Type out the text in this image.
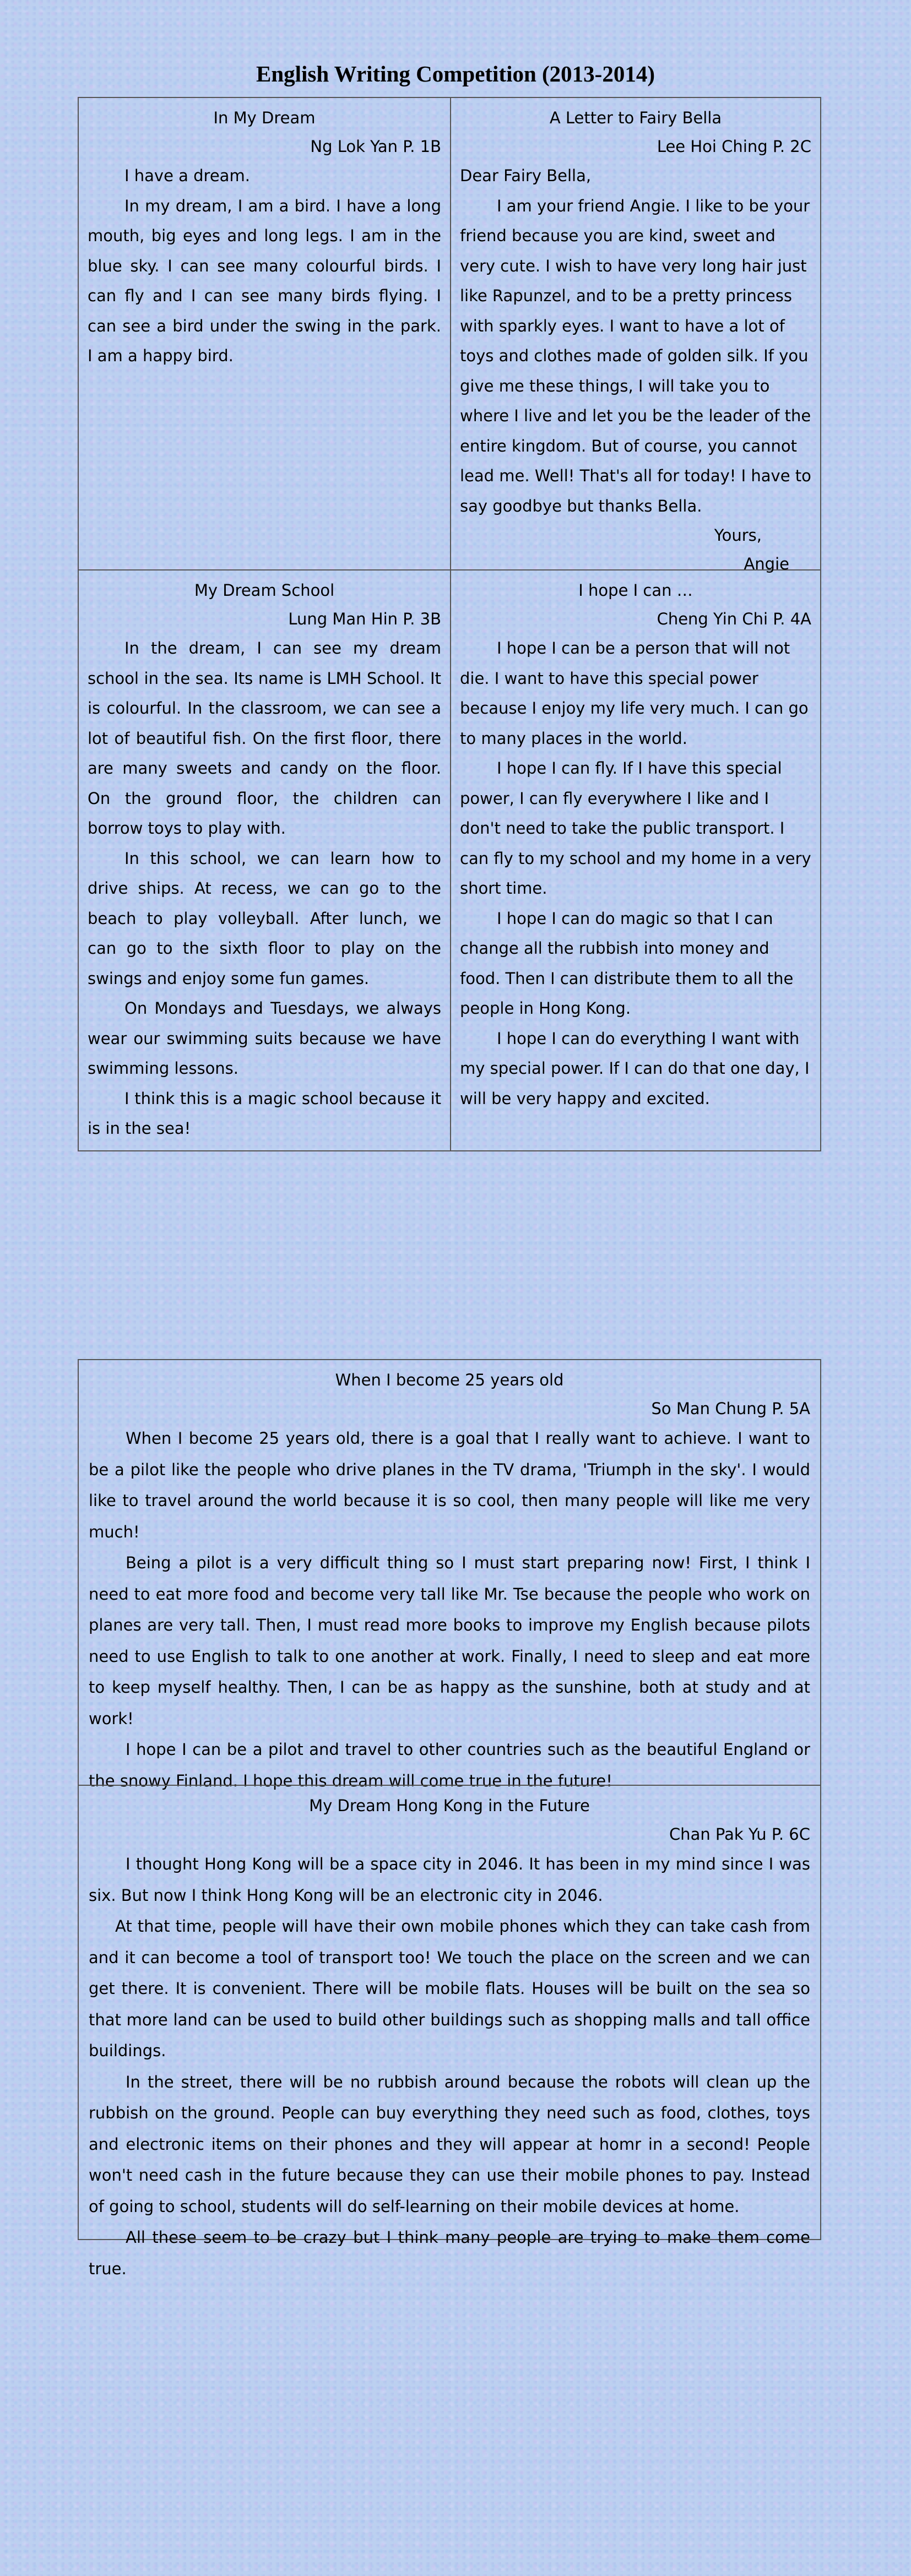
English Writing Competition (2013-2014)
In My Dream
Ng Lok Yan P. 1B

I have a dream.

In my dream, I am a bird. I have a long mouth, big eyes and long legs. I am in the blue sky. I can see many colourful birds. I can fly and I can see many birds flying. I can see a bird under the swing in the park. I am a happy bird.

A Letter to Fairy Bella
Lee Hoi Ching P. 2C

Dear Fairy Bella,

I am your friend Angie. I like to be your friend because you are kind, sweet and very cute. I wish to have very long hair just like Rapunzel, and to be a pretty princess with sparkly eyes. I want to have a lot of toys and clothes made of golden silk. If you give me these things, I will take you to where I live and let you be the leader of the entire kingdom. But of course, you cannot lead me. Well! That's all for today! I have to say goodbye but thanks Bella.

Yours,
Angie
My Dream School
Lung Man Hin P. 3B

In the dream, I can see my dream school in the sea. Its name is LMH School. It is colourful. In the classroom, we can see a lot of beautiful fish. On the first floor, there are many sweets and candy on the floor. On the ground floor, the children can borrow toys to play with.

In this school, we can learn how to drive ships. At recess, we can go to the beach to play volleyball. After lunch, we can go to the sixth floor to play on the swings and enjoy some fun games.

On Mondays and Tuesdays, we always wear our swimming suits because we have swimming lessons.

I think this is a magic school because it is in the sea!

I hope I can …
Cheng Yin Chi P. 4A

I hope I can be a person that will not die. I want to have this special power because I enjoy my life very much. I can go to many places in the world.

I hope I can fly. If I have this special power, I can fly everywhere I like and I don't need to take the public transport. I can fly to my school and my home in a very short time.

I hope I can do magic so that I can change all the rubbish into money and food. Then I can distribute them to all the people in Hong Kong.

I hope I can do everything I want with my special power. If I can do that one day, I will be very happy and excited.

When I become 25 years old
So Man Chung P. 5A

When I become 25 years old, there is a goal that I really want to achieve. I want to be a pilot like the people who drive planes in the TV drama, 'Triumph in the sky'. I would like to travel around the world because it is so cool, then many people will like me very much!

Being a pilot is a very difficult thing so I must start preparing now! First, I think I need to eat more food and become very tall like Mr. Tse because the people who work on planes are very tall. Then, I must read more books to improve my English because pilots need to use English to talk to one another at work. Finally, I need to sleep and eat more to keep myself healthy. Then, I can be as happy as the sunshine, both at study and at work!

I hope I can be a pilot and travel to other countries such as the beautiful England or the snowy Finland. I hope this dream will come true in the future!

My Dream Hong Kong in the Future
Chan Pak Yu P. 6C

I thought Hong Kong will be a space city in 2046. It has been in my mind since I was six. But now I think Hong Kong will be an electronic city in 2046.

At that time, people will have their own mobile phones which they can take cash from and it can become a tool of transport too! We touch the place on the screen and we can get there. It is convenient. There will be mobile flats. Houses will be built on the sea so that more land can be used to build other buildings such as shopping malls and tall office buildings.

In the street, there will be no rubbish around because the robots will clean up the rubbish on the ground. People can buy everything they need such as food, clothes, toys and electronic items on their phones and they will appear at homr in a second! People won't need cash in the future because they can use their mobile phones to pay. Instead of going to school, students will do self-learning on their mobile devices at home.

All these seem to be crazy but I think many people are trying to make them come true.
